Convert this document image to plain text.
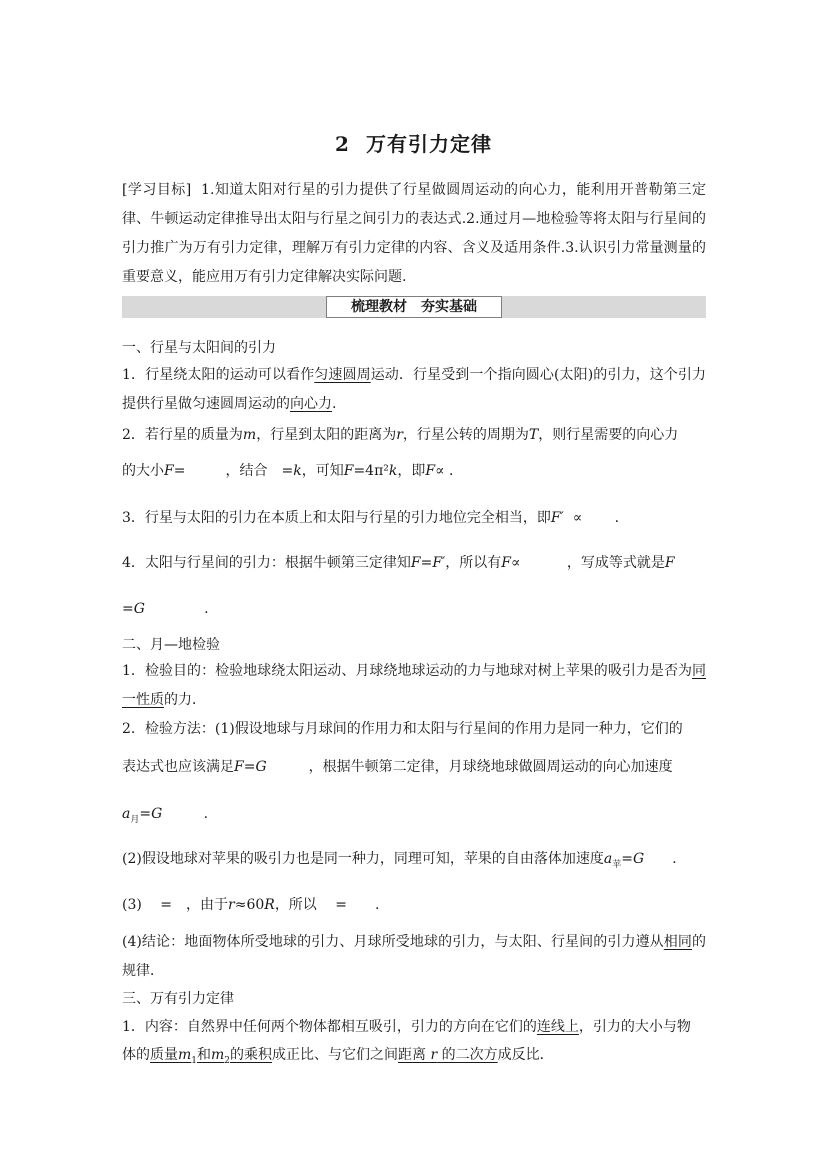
2 万有引力定律
[学习目标] 1.知道太阳对行星的引力提供了行星做圆周运动的向心力，能利用开普勒第三定律、牛顿运动定律推导出太阳与行星之间引力的表达式.2.通过月—地检验等将太阳与行星间的引力推广为万有引力定律，理解万有引力定律的内容、含义及适用条件.3.认识引力常量测量的重要意义，能应用万有引力定律解决实际问题.
梳理教材　夯实基础
一、行星与太阳间的引力
1．行星绕太阳的运动可以看作匀速圆周运动．行星受到一个指向圆心(太阳)的引力，这个引力提供行星做匀速圆周运动的向心力.
2．若行星的质量为m，行星到太阳的距离为r，行星公转的周期为T，则行星需要的向心力
的大小F=	，结合　=k，可知F=4π²k，即F∝ ．
3．行星与太阳的引力在本质上和太阳与行星的引力地位完全相当，即F′ ∝ 　　.
4．太阳与行星间的引力：根据牛顿第三定律知F=F′，所以有F∝ 　　　，写成等式就是F
=G       　　.
二、月—地检验
1．检验目的：检验地球绕太阳运动、月球绕地球运动的力与地球对树上苹果的吸引力是否为同一性质的力．
2．检验方法：(1)假设地球与月球间的作用力和太阳与行星间的作用力是同一种力，它们的
表达式也应该满足F=G　　　，根据牛顿第二定律，月球绕地球做圆周运动的向心加速度
$a_月=G$   　　.
(2)假设地球对苹果的吸引力也是同一种力，同理可知，苹果的自由落体加速度$a_苹=G$　　.
(3)　 =　，由于r≈60R，所以　 =　　.
(4)结论：地面物体所受地球的引力、月球所受地球的引力，与太阳、行星间的引力遵从相同的规律．
三、万有引力定律
1．内容：自然界中任何两个物体都相互吸引，引力的方向在它们的连线上，引力的大小与物
体的质量$m_1$和$m_2$的乘积成正比、与它们之间距离 r 的二次方成反比．
